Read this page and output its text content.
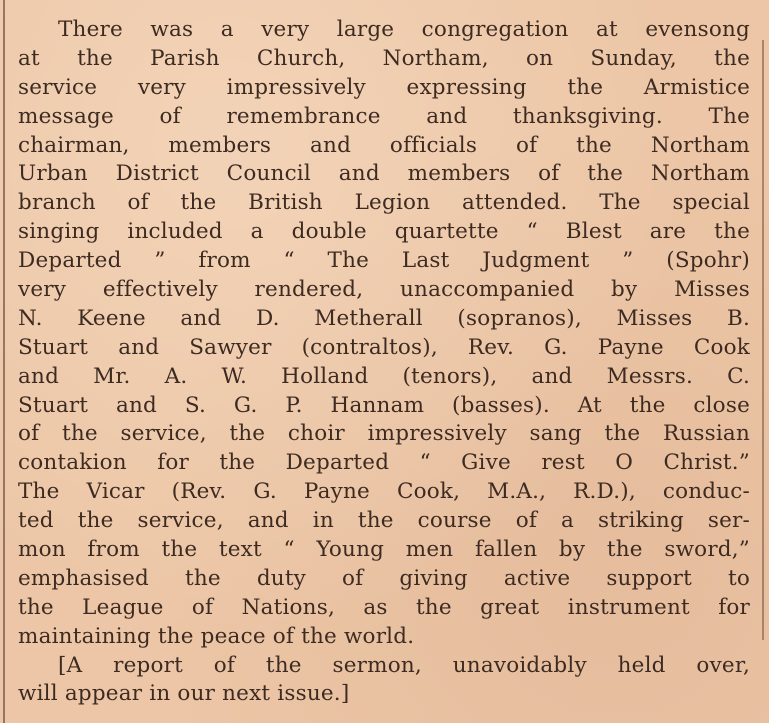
There was a very large congregation at evensong
at the Parish Church, Northam, on Sunday, the
service very impressively expressing the Armistice
message of remembrance and thanksgiving. The
chairman, members and officials of the Northam
Urban District Council and members of the Northam
branch of the British Legion attended. The special
singing included a double quartette “ Blest are the
Departed ” from “ The Last Judgment ” (Spohr)
very effectively rendered, unaccompanied by Misses
N. Keene and D. Metherall (sopranos), Misses B.
Stuart and Sawyer (contraltos), Rev. G. Payne Cook
and Mr. A. W. Holland (tenors), and Messrs. C.
Stuart and S. G. P. Hannam (basses). At the close
of the service, the choir impressively sang the Russian
contakion for the Departed “ Give rest O Christ.”
The Vicar (Rev. G. Payne Cook, M.A., R.D.), conduc-
ted the service, and in the course of a striking ser-
mon from the text “ Young men fallen by the sword,”
emphasised the duty of giving active support to
the League of Nations, as the great instrument for
maintaining the peace of the world.
[A report of the sermon, unavoidably held over,
will appear in our next issue.]
